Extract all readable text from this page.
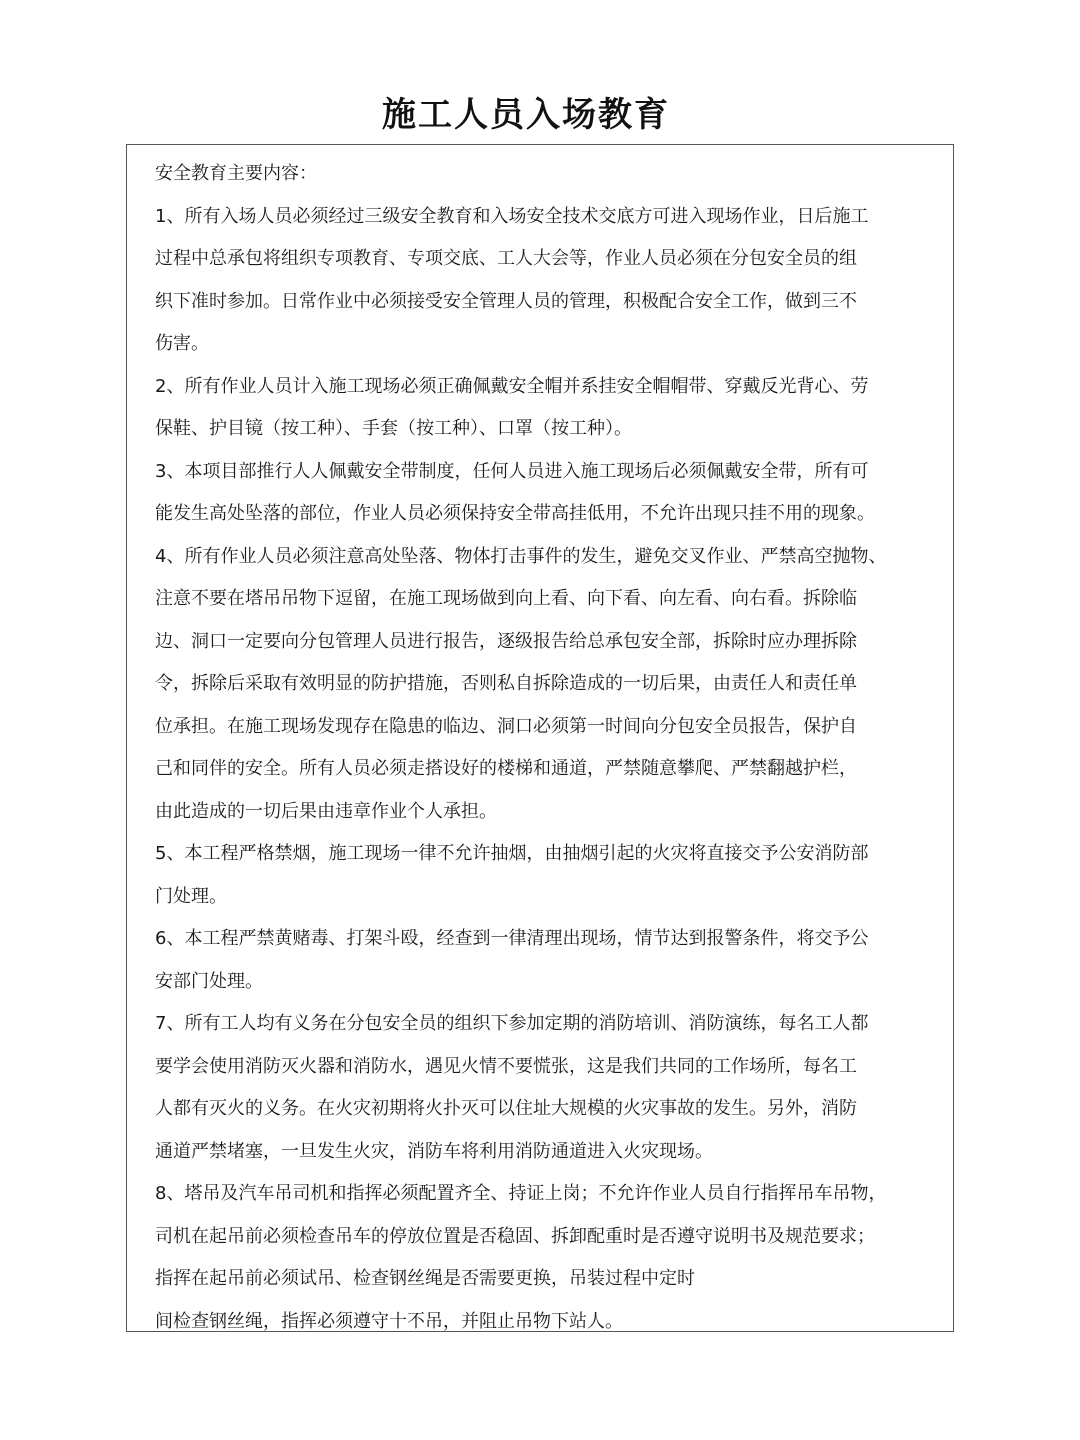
施工人员入场教育

安全教育主要内容：

1、所有入场人员必须经过三级安全教育和入场安全技术交底方可进入现场作业，日后施工
过程中总承包将组织专项教育、专项交底、工人大会等，作业人员必须在分包安全员的组
织下准时参加。日常作业中必须接受安全管理人员的管理，积极配合安全工作，做到三不
伤害。
2、所有作业人员计入施工现场必须正确佩戴安全帽并系挂安全帽帽带、穿戴反光背心、劳
保鞋、护目镜（按工种）、手套（按工种）、口罩（按工种）。
3、本项目部推行人人佩戴安全带制度，任何人员进入施工现场后必须佩戴安全带，所有可
能发生高处坠落的部位，作业人员必须保持安全带高挂低用，不允许出现只挂不用的现象。
4、所有作业人员必须注意高处坠落、物体打击事件的发生，避免交叉作业、严禁高空抛物、
注意不要在塔吊吊物下逗留，在施工现场做到向上看、向下看、向左看、向右看。拆除临
边、洞口一定要向分包管理人员进行报告，逐级报告给总承包安全部，拆除时应办理拆除
令，拆除后采取有效明显的防护措施，否则私自拆除造成的一切后果，由责任人和责任单
位承担。在施工现场发现存在隐患的临边、洞口必须第一时间向分包安全员报告，保护自
己和同伴的安全。所有人员必须走搭设好的楼梯和通道，严禁随意攀爬、严禁翻越护栏，
由此造成的一切后果由违章作业个人承担。
5、本工程严格禁烟，施工现场一律不允许抽烟，由抽烟引起的火灾将直接交予公安消防部
门处理。
6、本工程严禁黄赌毒、打架斗殴，经查到一律清理出现场，情节达到报警条件，将交予公
安部门处理。
7、所有工人均有义务在分包安全员的组织下参加定期的消防培训、消防演练，每名工人都
要学会使用消防灭火器和消防水，遇见火情不要慌张，这是我们共同的工作场所，每名工
人都有灭火的义务。在火灾初期将火扑灭可以住址大规模的火灾事故的发生。另外，消防
通道严禁堵塞，一旦发生火灾，消防车将利用消防通道进入火灾现场。
8、塔吊及汽车吊司机和指挥必须配置齐全、持证上岗；不允许作业人员自行指挥吊车吊物，
司机在起吊前必须检查吊车的停放位置是否稳固、拆卸配重时是否遵守说明书及规范要求；
指挥在起吊前必须试吊、检查钢丝绳是否需要更换，吊装过程中定时
间检查钢丝绳，指挥必须遵守十不吊，并阻止吊物下站人。
